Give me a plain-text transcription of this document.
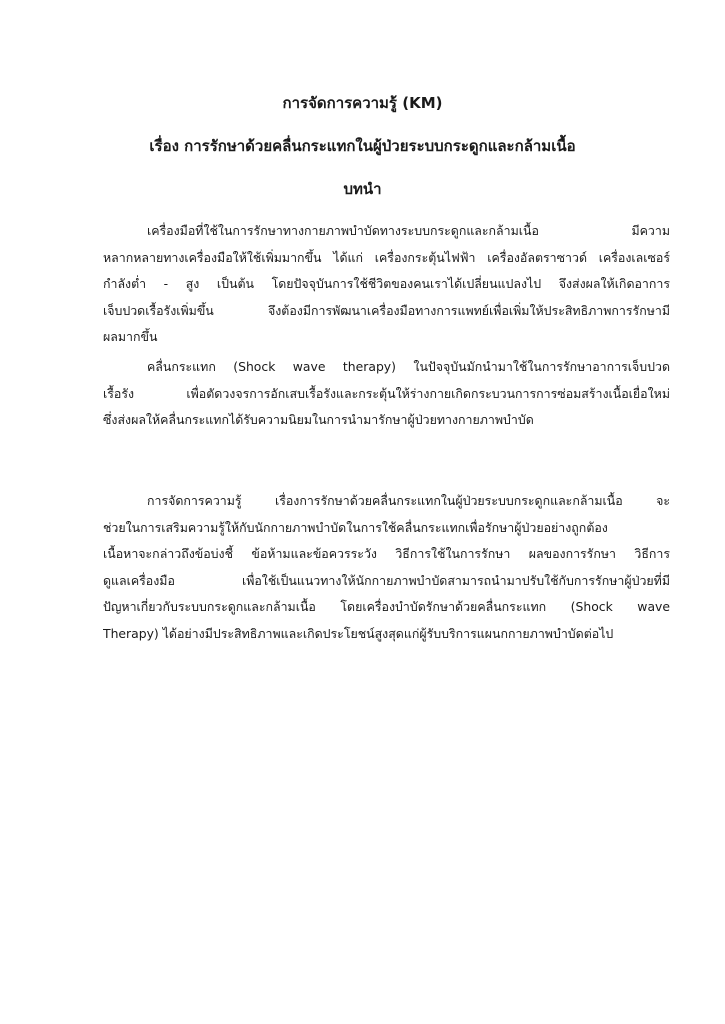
การจัดการความรู้ (KM)
เรื่อง การรักษาด้วยคลื่นกระแทกในผู้ป่วยระบบกระดูกและกล้ามเนื้อ
บทนำ

เครื่องมือที่ใช้ในการรักษาทางกายภาพบำบัดทางระบบกระดูกและกล้ามเนื้อ มีความ
หลากหลายทางเครื่องมือให้ใช้เพิ่มมากขึ้น ได้แก่ เครื่องกระตุ้นไฟฟ้า เครื่องอัลตราซาวด์ เครื่องเลเซอร์
กำลังต่ำ - สูง เป็นต้น โดยปัจจุบันการใช้ชีวิตของคนเราได้เปลี่ยนแปลงไป จึงส่งผลให้เกิดอาการ
เจ็บปวดเรื้อรังเพิ่มขึ้น จึงต้องมีการพัฒนาเครื่องมือทางการแพทย์เพื่อเพิ่มให้ประสิทธิภาพการรักษามี
ผลมากขึ้น

คลื่นกระแทก (Shock wave therapy) ในปัจจุบันมักนำมาใช้ในการรักษาอาการเจ็บปวด
เรื้อรัง เพื่อตัดวงจรการอักเสบเรื้อรังและกระตุ้นให้ร่างกายเกิดกระบวนการการซ่อมสร้างเนื้อเยื่อใหม่
ซึ่งส่งผลให้คลื่นกระแทกได้รับความนิยมในการนำมารักษาผู้ป่วยทางกายภาพบำบัด

การจัดการความรู้ เรื่องการรักษาด้วยคลื่นกระแทกในผู้ป่วยระบบกระดูกและกล้ามเนื้อ จะ
ช่วยในการเสริมความรู้ให้กับนักกายภาพบำบัดในการใช้คลื่นกระแทกเพื่อรักษาผู้ป่วยอย่างถูกต้อง
เนื้อหาจะกล่าวถึงข้อบ่งชี้ ข้อห้ามและข้อควรระวัง วิธีการใช้ในการรักษา ผลของการรักษา วิธีการ
ดูแลเครื่องมือ เพื่อใช้เป็นแนวทางให้นักกายภาพบำบัดสามารถนำมาปรับใช้กับการรักษาผู้ป่วยที่มี
ปัญหาเกี่ยวกับระบบกระดูกและกล้ามเนื้อ โดยเครื่องบำบัดรักษาด้วยคลื่นกระแทก (Shock wave
Therapy) ได้อย่างมีประสิทธิภาพและเกิดประโยชน์สูงสุดแก่ผู้รับบริการแผนกกายภาพบำบัดต่อไป
